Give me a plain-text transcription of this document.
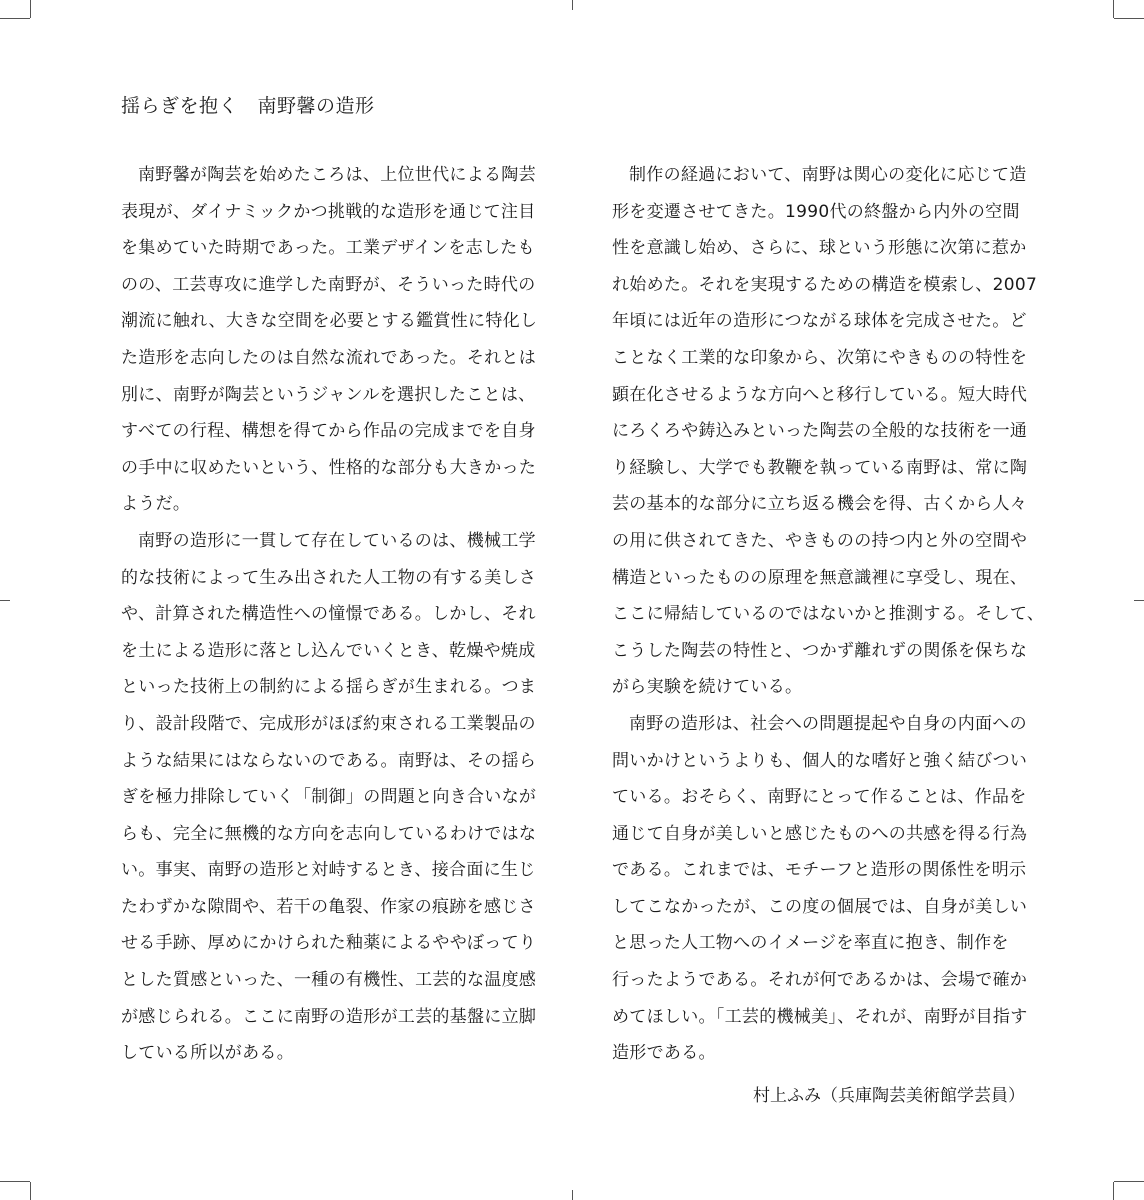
揺らぎを抱く　南野馨の造形
南野馨が陶芸を始めたころは、上位世代による陶芸
表現が、ダイナミックかつ挑戦的な造形を通じて注目
を集めていた時期であった。工業デザインを志したも
のの、工芸専攻に進学した南野が、そういった時代の
潮流に触れ、大きな空間を必要とする鑑賞性に特化し
た造形を志向したのは自然な流れであった。それとは
別に、南野が陶芸というジャンルを選択したことは、
すべての行程、構想を得てから作品の完成までを自身
の手中に収めたいという、性格的な部分も大きかった
ようだ。
南野の造形に一貫して存在しているのは、機械工学
的な技術によって生み出された人工物の有する美しさ
や、計算された構造性への憧憬である。しかし、それ
を土による造形に落とし込んでいくとき、乾燥や焼成
といった技術上の制約による揺らぎが生まれる。つま
り、設計段階で、完成形がほぼ約束される工業製品の
ような結果にはならないのである。南野は、その揺ら
ぎを極力排除していく「制御」の問題と向き合いなが
らも、完全に無機的な方向を志向しているわけではな
い。事実、南野の造形と対峙するとき、接合面に生じ
たわずかな隙間や、若干の亀裂、作家の痕跡を感じさ
せる手跡、厚めにかけられた釉薬によるややぼってり
とした質感といった、一種の有機性、工芸的な温度感
が感じられる。ここに南野の造形が工芸的基盤に立脚
している所以がある。
制作の経過において、南野は関心の変化に応じて造
形を変遷させてきた。1990代の終盤から内外の空間
性を意識し始め、さらに、球という形態に次第に惹か
れ始めた。それを実現するための構造を模索し、2007
年頃には近年の造形につながる球体を完成させた。ど
ことなく工業的な印象から、次第にやきものの特性を
顕在化させるような方向へと移行している。短大時代
にろくろや鋳込みといった陶芸の全般的な技術を一通
り経験し、大学でも教鞭を執っている南野は、常に陶
芸の基本的な部分に立ち返る機会を得、古くから人々
の用に供されてきた、やきものの持つ内と外の空間や
構造といったものの原理を無意識裡に享受し、現在、
ここに帰結しているのではないかと推測する。そして、
こうした陶芸の特性と、つかず離れずの関係を保ちな
がら実験を続けている。
南野の造形は、社会への問題提起や自身の内面への
問いかけというよりも、個人的な嗜好と強く結びつい
ている。おそらく、南野にとって作ることは、作品を
通じて自身が美しいと感じたものへの共感を得る行為
である。これまでは、モチーフと造形の関係性を明示
してこなかったが、この度の個展では、自身が美しい
と思った人工物へのイメージを率直に抱き、制作を
行ったようである。それが何であるかは、会場で確か
めてほしい。「工芸的機械美」、それが、南野が目指す
造形である。
村上ふみ（兵庫陶芸美術館学芸員）
